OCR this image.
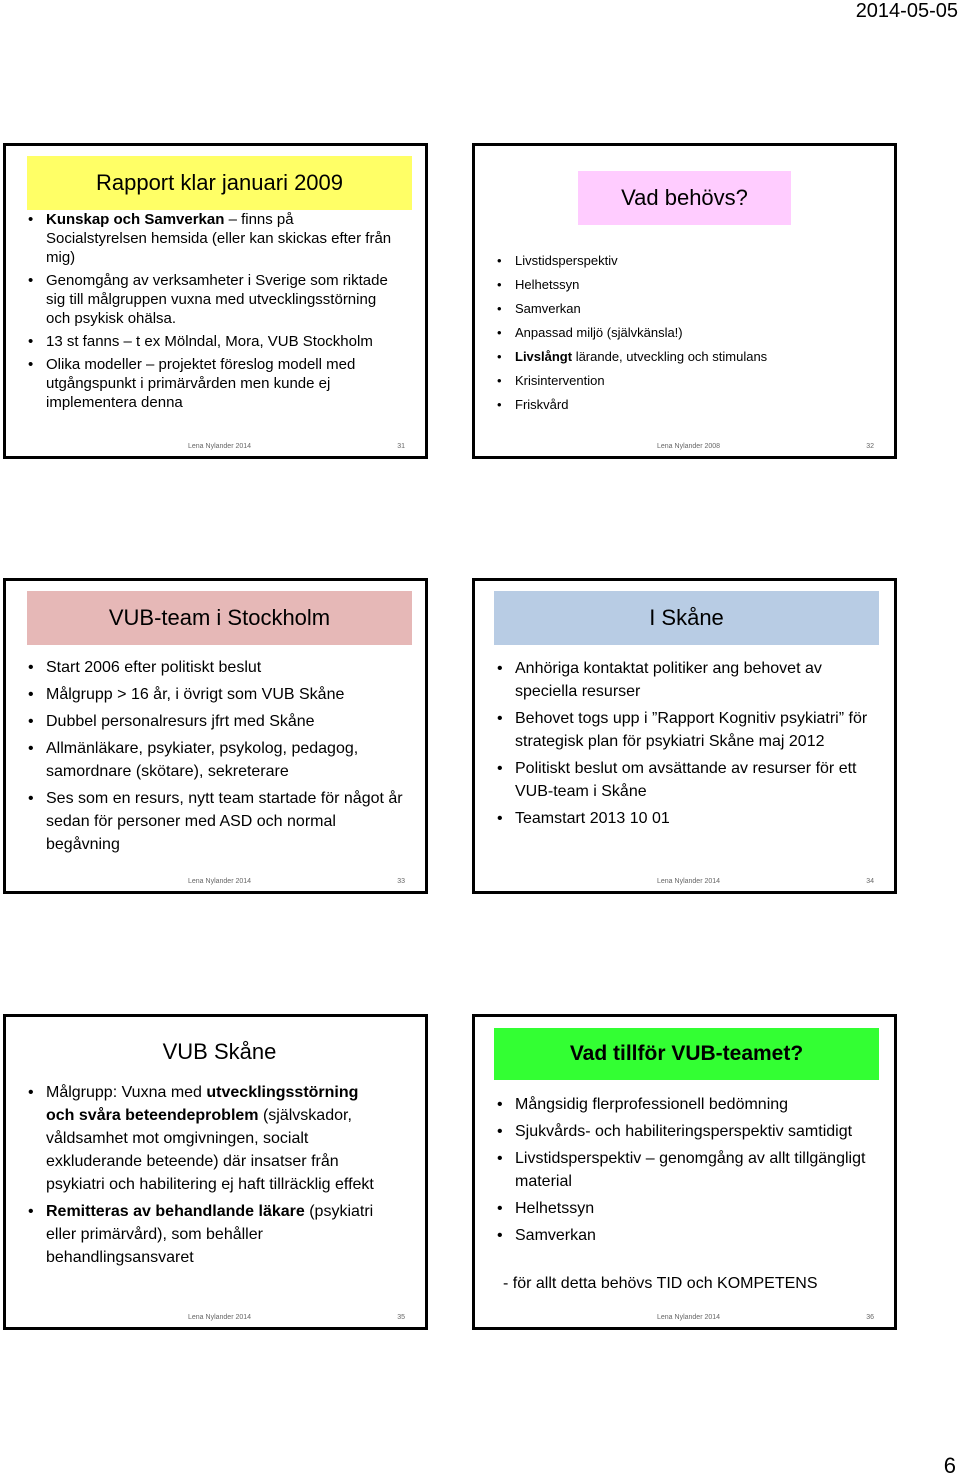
2014-05-05
Rapport klar januari 2009
• Kunskap och Samverkan – finns på Socialstyrelsen hemsida (eller kan skickas efter från mig)
• Genomgång av verksamheter i Sverige som riktade sig till målgruppen vuxna med utvecklingsstörning och psykisk ohälsa.
• 13 st fanns – t ex Mölndal, Mora, VUB Stockholm
• Olika modeller – projektet föreslog modell med utgångspunkt i primärvården men kunde ej implementera denna
Lena Nylander 2014	31
Vad behövs?
• Livstidsperspektiv
• Helhetssyn
• Samverkan
• Anpassad miljö (självkänsla!)
• Livslångt lärande, utveckling och stimulans
• Krisintervention
• Friskvård
Lena Nylander 2008	32
VUB-team i Stockholm
• Start 2006 efter politiskt beslut
• Målgrupp > 16 år, i övrigt som VUB Skåne
• Dubbel personalresurs jfrt med Skåne
• Allmänläkare, psykiater, psykolog, pedagog, samordnare (skötare), sekreterare
• Ses som en resurs, nytt team startade för något år sedan för personer med ASD och normal begåvning
Lena Nylander 2014	33
I Skåne
• Anhöriga kontaktat politiker ang behovet av speciella resurser
• Behovet togs upp i ”Rapport Kognitiv psykiatri” för strategisk plan för psykiatri Skåne maj 2012
• Politiskt beslut om avsättande av resurser för ett VUB-team i Skåne
• Teamstart 2013 10 01
Lena Nylander 2014	34
VUB Skåne
• Målgrupp: Vuxna med utvecklingsstörning och svåra beteendeproblem (självskador, våldsamhet mot omgivningen, socialt exkluderande beteende) där insatser från psykiatri och habilitering ej haft tillräcklig effekt
• Remitteras av behandlande läkare (psykiatri eller primärvård), som behåller behandlingsansvaret
Lena Nylander 2014	35
Vad tillför VUB-teamet?
• Mångsidig flerprofessionell bedömning
• Sjukvårds- och habiliteringsperspektiv samtidigt
• Livstidsperspektiv – genomgång av allt tillgängligt material
• Helhetssyn
• Samverkan
- för allt detta behövs TID och KOMPETENS
Lena Nylander 2014	36
6
